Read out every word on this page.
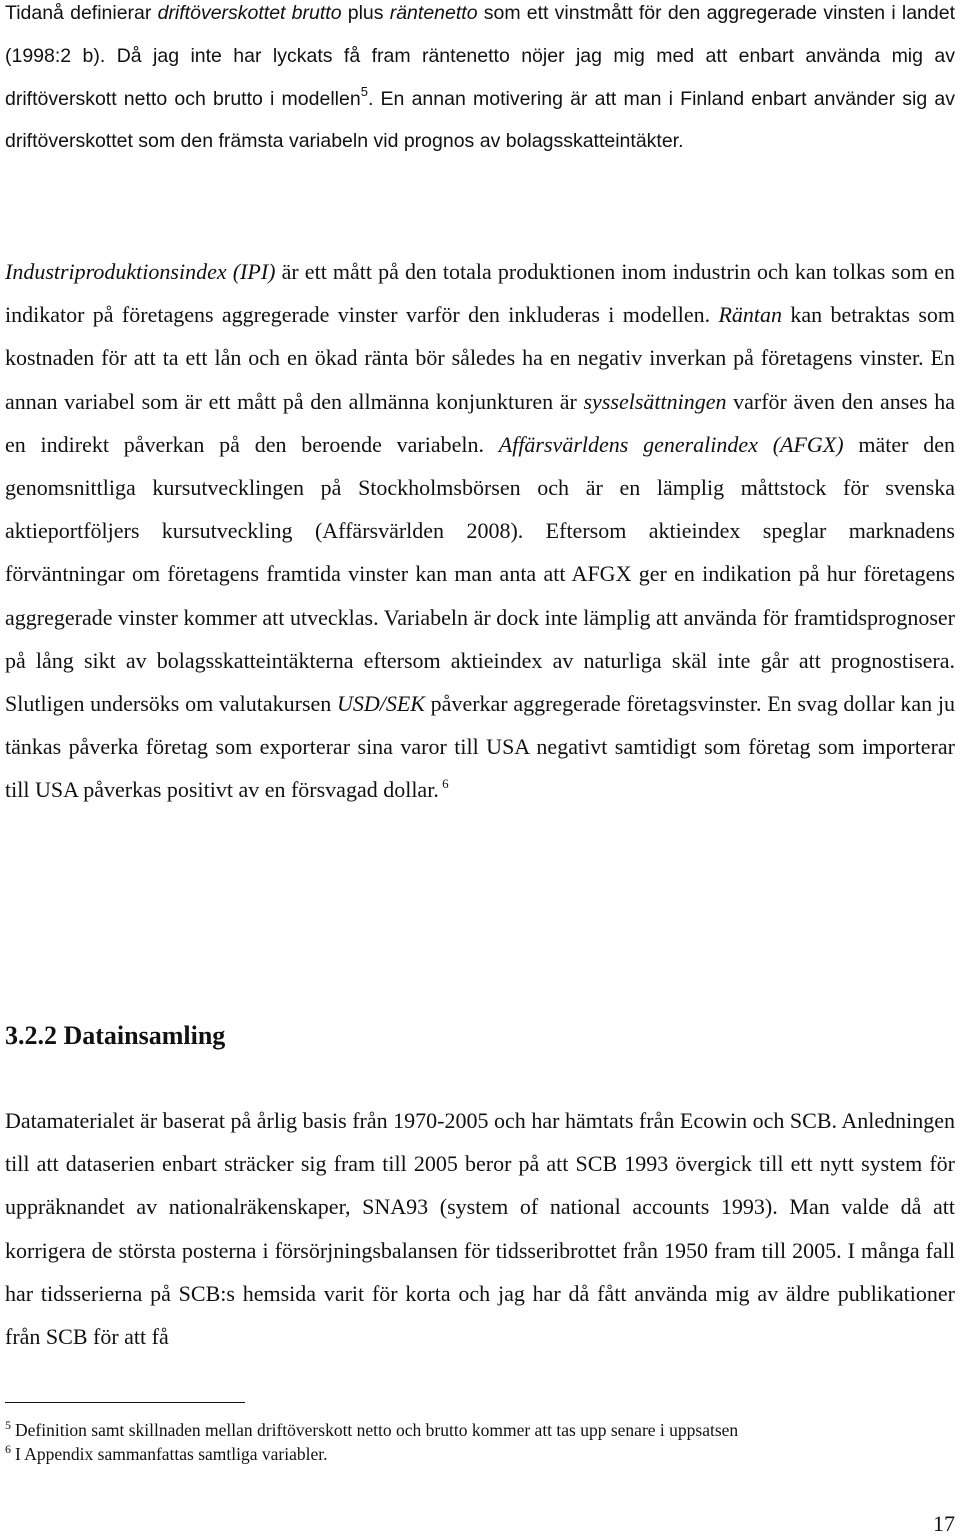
Tidanå definierar driftöverskottet brutto plus räntenetto som ett vinstmått för den aggregerade vinsten i landet (1998:2 b). Då jag inte har lyckats få fram räntenetto nöjer jag mig med att enbart använda mig av driftöverskott netto och brutto i modellen$^5$. En annan motivering är att man i Finland enbart använder sig av driftöverskottet som den främsta variabeln vid prognos av bolagsskatteintäkter.

Industriproduktionsindex (IPI) är ett mått på den totala produktionen inom industrin och kan tolkas som en indikator på företagens aggregerade vinster varför den inkluderas i modellen. Räntan kan betraktas som kostnaden för att ta ett lån och en ökad ränta bör således ha en negativ inverkan på företagens vinster. En annan variabel som är ett mått på den allmänna konjunkturen är sysselsättningen varför även den anses ha en indirekt påverkan på den beroende variabeln. Affärsvärldens generalindex (AFGX) mäter den genomsnittliga kursutvecklingen på Stockholmsbörsen och är en lämplig måttstock för svenska aktieportföljers kursutveckling (Affärsvärlden 2008). Eftersom aktieindex speglar marknadens förväntningar om företagens framtida vinster kan man anta att AFGX ger en indikation på hur företagens aggregerade vinster kommer att utvecklas. Variabeln är dock inte lämplig att använda för framtidsprognoser på lång sikt av bolagsskatteintäkterna eftersom aktieindex av naturliga skäl inte går att prognostisera. Slutligen undersöks om valutakursen USD/SEK påverkar aggregerade företagsvinster. En svag dollar kan ju tänkas påverka företag som exporterar sina varor till USA negativt samtidigt som företag som importerar till USA påverkas positivt av en försvagad dollar. $^6$

3.2.2 Datainsamling

Datamaterialet är baserat på årlig basis från 1970-2005 och har hämtats från Ecowin och SCB. Anledningen till att dataserien enbart sträcker sig fram till 2005 beror på att SCB 1993 övergick till ett nytt system för uppräknandet av nationalräkenskaper, SNA93 (system of national accounts 1993). Man valde då att korrigera de största posterna i försörjningsbalansen för tidsseribrottet från 1950 fram till 2005. I många fall har tidsserierna på SCB:s hemsida varit för korta och jag har då fått använda mig av äldre publikationer från SCB för att få

$^5$ Definition samt skillnaden mellan driftöverskott netto och brutto kommer att tas upp senare i uppsatsen

$^6$ I Appendix sammanfattas samtliga variabler.

17
